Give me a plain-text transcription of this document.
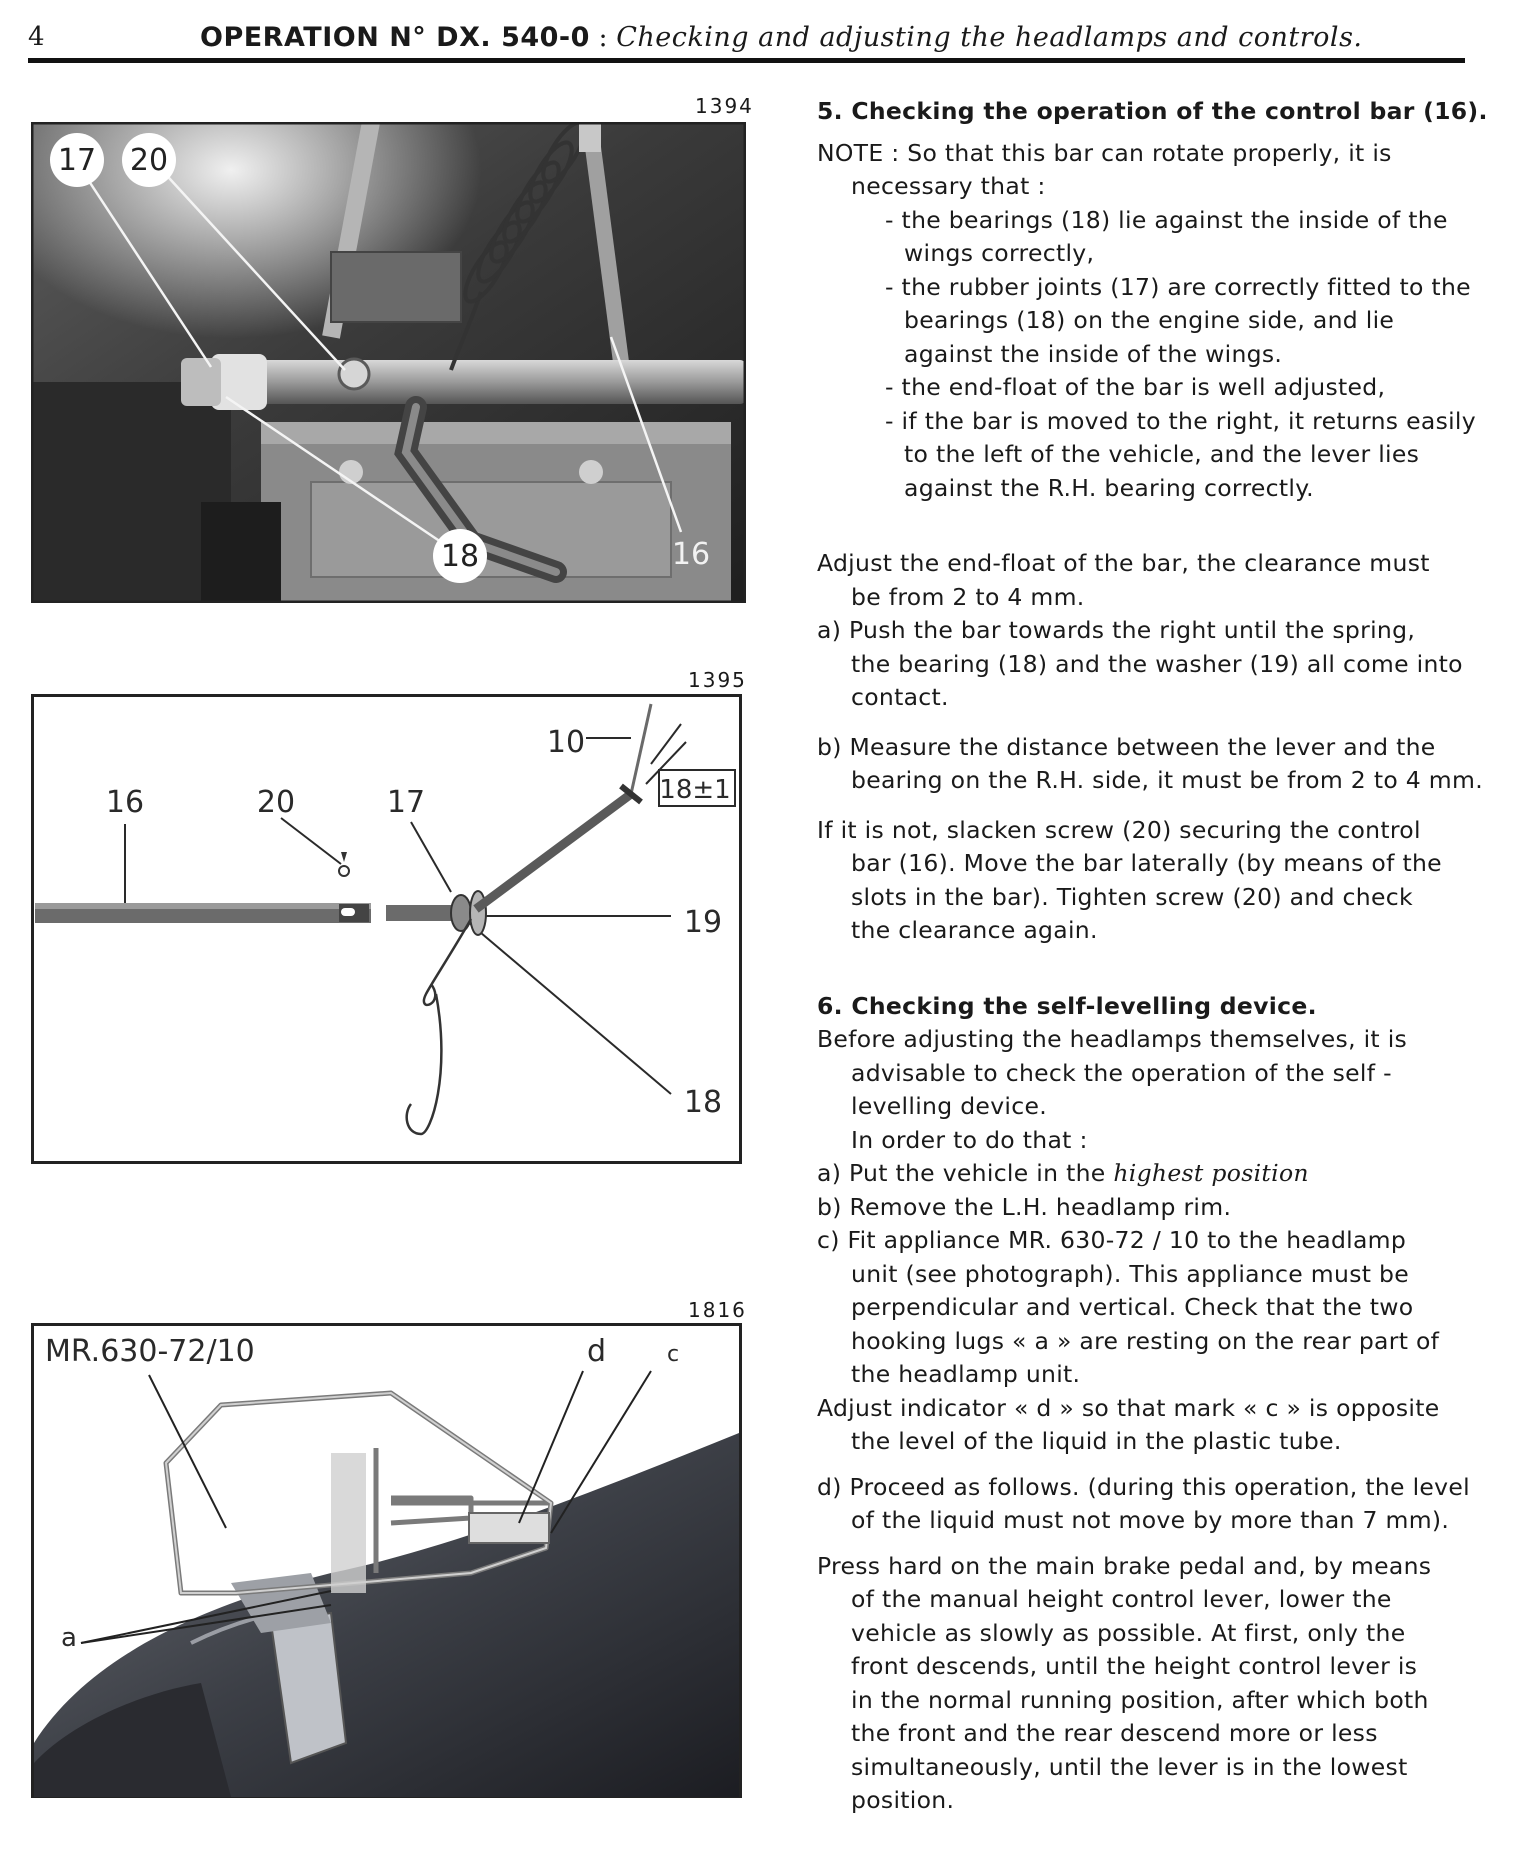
4	OPERATION N° DX. 540-0 : Checking and adjusting the headlamps and controls.
1394
17 20
18	16
1395
16	20	17
10
19
18
18±1
1816
MR.630-72/10	d	c
a

5. Checking the operation of the control bar (16).

NOTE : So that this bar can rotate properly, it is

necessary that :

- the bearings (18) lie against the inside of the

wings correctly,

- the rubber joints (17) are correctly fitted to the

bearings (18) on the engine side, and lie

against the inside of the wings.

- the end-float of the bar is well adjusted,

- if the bar is moved to the right, it returns easily

to the left of the vehicle, and the lever lies

against the R.H. bearing correctly.

Adjust the end-float of the bar, the clearance must

be from 2 to 4 mm.

a) Push the bar towards the right until the spring,

the bearing (18) and the washer (19) all come into

contact.

b) Measure the distance between the lever and the

bearing on the R.H. side, it must be from 2 to 4 mm.

If it is not, slacken screw (20) securing the control

bar (16). Move the bar laterally (by means of the

slots in the bar). Tighten screw (20) and check

the clearance again.

6. Checking the self-levelling device.

Before adjusting the headlamps themselves, it is

advisable to check the operation of the self -

levelling device.

In order to do that :

a) Put the vehicle in the highest position

b) Remove the L.H. headlamp rim.

c) Fit appliance MR. 630-72 / 10 to the headlamp

unit (see photograph). This appliance must be

perpendicular and vertical. Check that the two

hooking lugs « a » are resting on the rear part of

the headlamp unit.

Adjust indicator « d » so that mark « c » is opposite

the level of the liquid in the plastic tube.

d) Proceed as follows. (during this operation, the level

of the liquid must not move by more than 7 mm).

Press hard on the main brake pedal and, by means

of the manual height control lever, lower the

vehicle as slowly as possible. At first, only the

front descends, until the height control lever is

in the normal running position, after which both

the front and the rear descend more or less

simultaneously, until the lever is in the lowest

position.
